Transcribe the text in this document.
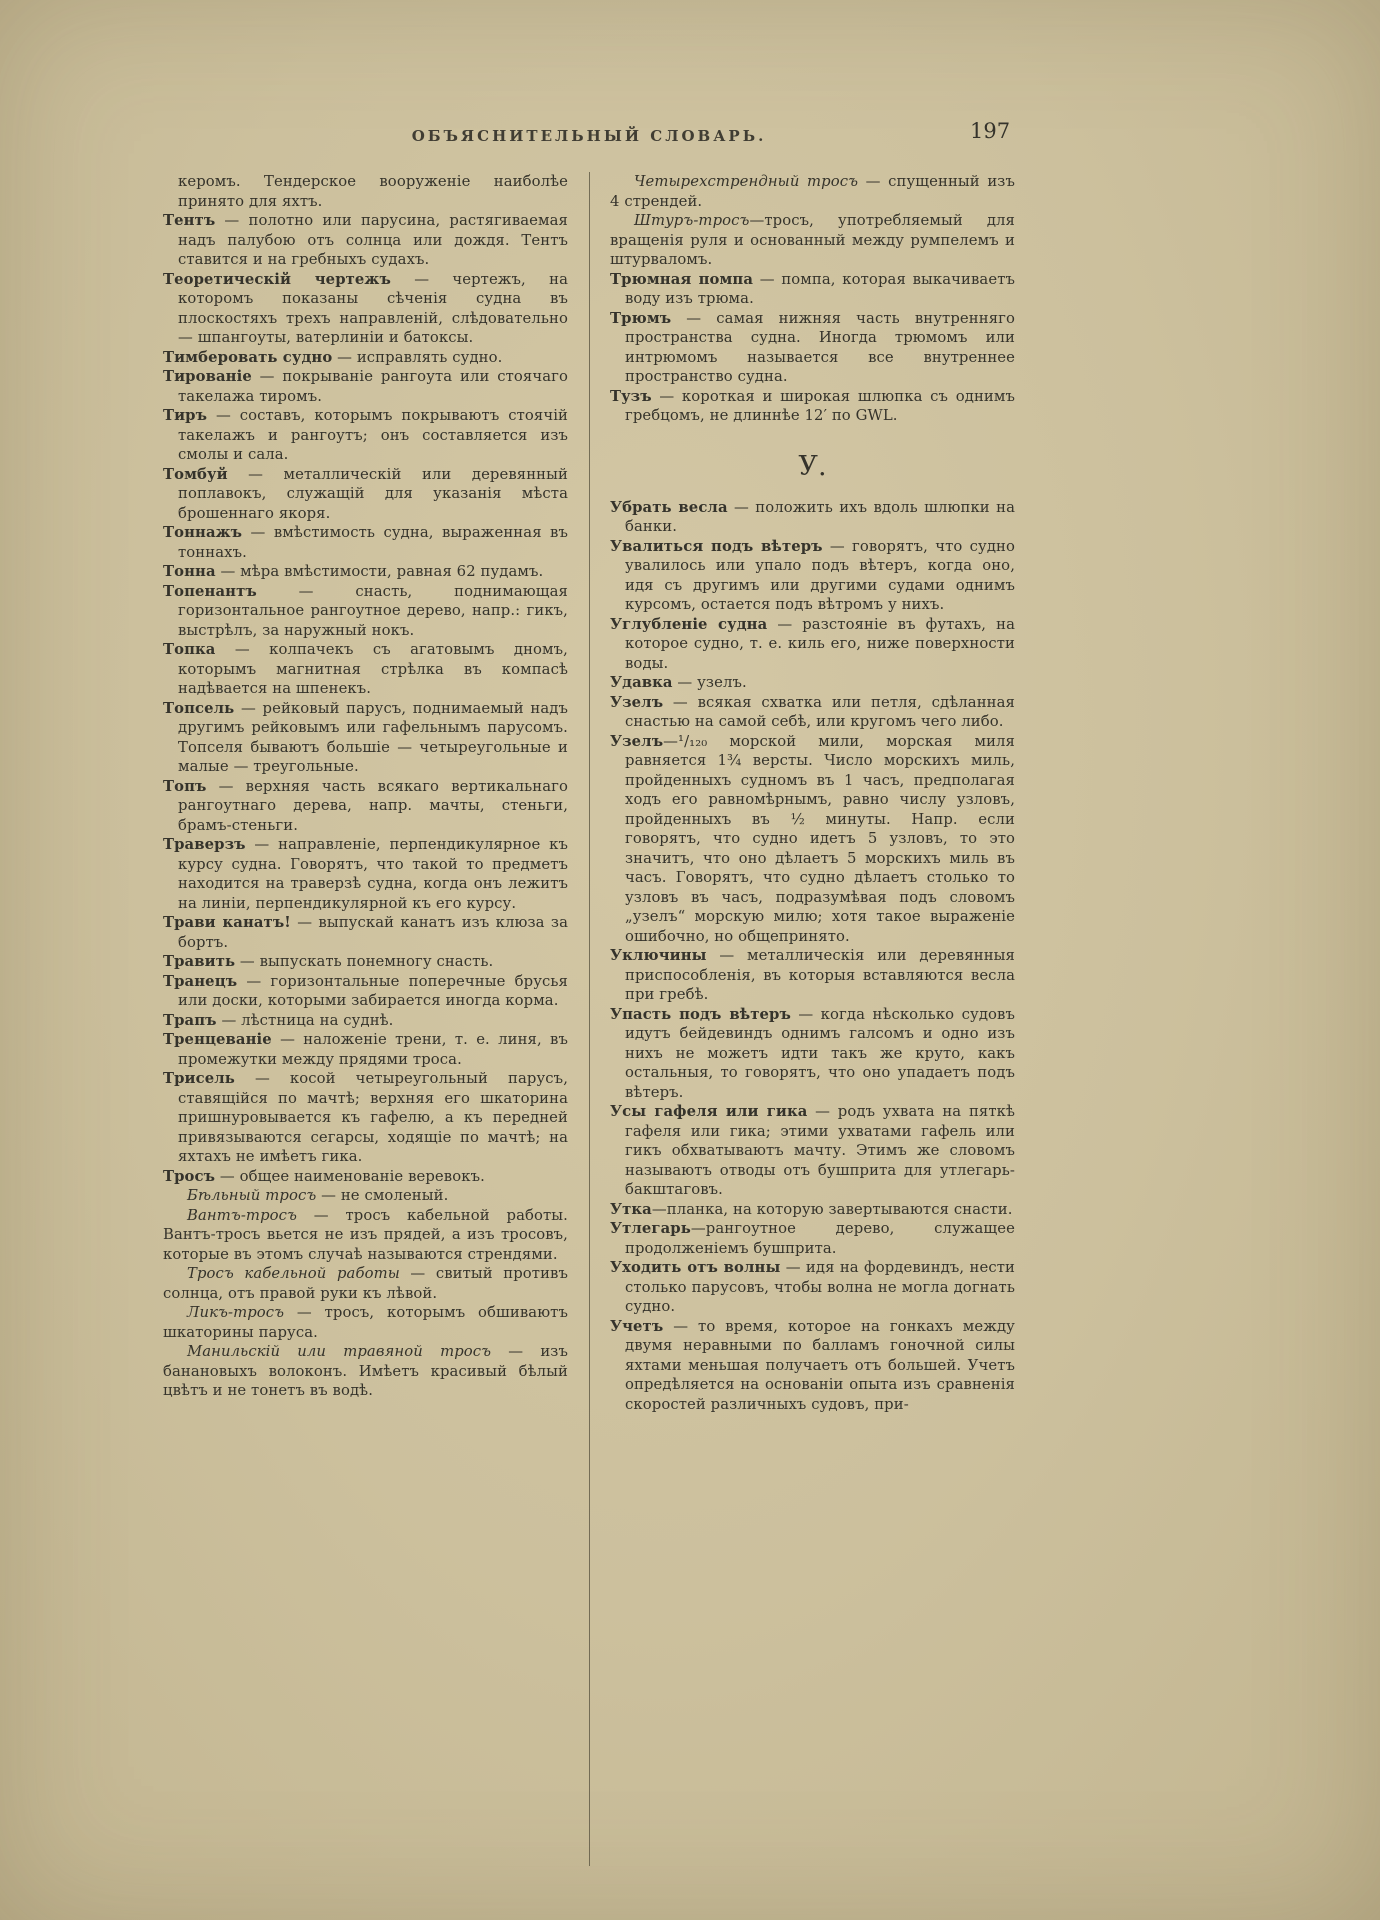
ОБЪЯСНИТЕЛЬНЫЙ СЛОВАРЬ.	197

керомъ. Тендерское вооруженіе наиболѣе принято для яхтъ.

Тентъ — полотно или парусина, растягиваемая надъ палубою отъ солнца или дождя. Тентъ ставится и на гребныхъ судахъ.

Теоретическій чертежъ — чертежъ, на которомъ показаны сѣченія судна въ плоскостяхъ трехъ направленій, слѣдовательно — шпангоуты, ватерлиніи и батоксы.

Тимберовать судно — исправлять судно.

Тированіе — покрываніе рангоута или стоячаго такелажа тиромъ.

Тиръ — составъ, которымъ покрываютъ стоячій такелажъ и рангоутъ; онъ составляется изъ смолы и сала.

Томбуй — металлическій или деревянный поплавокъ, служащій для указанія мѣста брошеннаго якоря.

Тоннажъ — вмѣстимость судна, выраженная въ тоннахъ.

Тонна — мѣра вмѣстимости, равная 62 пудамъ.

Топенантъ — снасть, поднимающая горизонтальное рангоутное дерево, напр.: гикъ, выстрѣлъ, за наружный нокъ.

Топка — колпачекъ съ агатовымъ дномъ, которымъ магнитная стрѣлка въ компасѣ надѣвается на шпенекъ.

Топсель — рейковый парусъ, поднимаемый надъ другимъ рейковымъ или гафельнымъ парусомъ. Топселя бываютъ большіе — четыреугольные и малые — треугольные.

Топъ — верхняя часть всякаго вертикальнаго рангоутнаго дерева, напр. мачты, стеньги, брамъ-стеньги.

Траверзъ — направленіе, перпендикулярное къ курсу судна. Говорятъ, что такой то предметъ находится на траверзѣ судна, когда онъ лежитъ на линіи, перпендикулярной къ его курсу.

Трави канатъ! — выпускай канатъ изъ клюза за бортъ.

Травить — выпускать понемногу снасть.

Транецъ — горизонтальные поперечные брусья или доски, которыми забирается иногда корма.

Трапъ — лѣстница на суднѣ.

Тренцеваніе — наложеніе трени, т. е. линя, въ промежутки между прядями троса.

Трисель — косой четыреугольный парусъ, ставящійся по мачтѣ; верхняя его шкаторина пришнуровывается къ гафелю, а къ передней привязываются сегарсы, ходящіе по мачтѣ; на яхтахъ не имѣетъ гика.

Тросъ — общее наименованіе веревокъ.

Бѣльный тросъ — не смоленый.

Вантъ-тросъ — тросъ кабельной работы. Вантъ-тросъ вьется не изъ прядей, а изъ тросовъ, которые въ этомъ случаѣ называются стрендями.

Тросъ кабельной работы — свитый противъ солнца, отъ правой руки къ лѣвой.

Ликъ-тросъ — тросъ, которымъ обшиваютъ шкаторины паруса.

Манильскій или травяной тросъ — изъ банановыхъ волоконъ. Имѣетъ красивый бѣлый цвѣтъ и не тонетъ въ водѣ.

Четырехстрендный тросъ — спущенный изъ 4 стрендей.

Штуръ-тросъ—тросъ, употребляемый для вращенія руля и основанный между румпелемъ и штурваломъ.

Трюмная помпа — помпа, которая выкачиваетъ воду изъ трюма.

Трюмъ — самая нижняя часть внутренняго пространства судна. Иногда трюмомъ или интрюмомъ называется все внутреннее пространство судна.

Тузъ — короткая и широкая шлюпка съ однимъ гребцомъ, не длиннѣе 12′ по GWL.

У.

Убрать весла — положить ихъ вдоль шлюпки на банки.

Увалиться подъ вѣтеръ — говорятъ, что судно увалилось или упало подъ вѣтеръ, когда оно, идя съ другимъ или другими судами однимъ курсомъ, остается подъ вѣтромъ у нихъ.

Углубленіе судна — разстояніе въ футахъ, на которое судно, т. е. киль его, ниже поверхности воды.

Удавка — узелъ.

Узелъ — всякая схватка или петля, сдѣланная снастью на самой себѣ, или кругомъ чего либо.

Узелъ—¹/₁₂₀ морской мили, морская миля равняется 1¾ версты. Число морскихъ миль, пройденныхъ судномъ въ 1 часъ, предполагая ходъ его равномѣрнымъ, равно числу узловъ, пройденныхъ въ ½ минуты. Напр. если говорятъ, что судно идетъ 5 узловъ, то это значитъ, что оно дѣлаетъ 5 морскихъ миль въ часъ. Говорятъ, что судно дѣлаетъ столько то узловъ въ часъ, подразумѣвая подъ словомъ „узелъ“ морскую милю; хотя такое выраженіе ошибочно, но общепринято.

Уключины — металлическія или деревянныя приспособленія, въ которыя вставляются весла при гребѣ.

Упасть подъ вѣтеръ — когда нѣсколько судовъ идутъ бейдевиндъ однимъ галсомъ и одно изъ нихъ не можетъ идти такъ же круто, какъ остальныя, то говорятъ, что оно упадаетъ подъ вѣтеръ.

Усы гафеля или гика — родъ ухвата на пяткѣ гафеля или гика; этими ухватами гафель или гикъ обхватываютъ мачту. Этимъ же словомъ называютъ отводы отъ бушприта для утлегарь-бакштаговъ.

Утка—планка, на которую завертываются снасти.

Утлегарь—рангоутное дерево, служащее продолженіемъ бушприта.

Уходить отъ волны — идя на фордевиндъ, нести столько парусовъ, чтобы волна не могла догнать судно.

Учетъ — то время, которое на гонкахъ между двумя неравными по балламъ гоночной силы яхтами меньшая получаетъ отъ большей. Учетъ опредѣляется на основаніи опыта изъ сравненія скоростей различныхъ судовъ, при-
